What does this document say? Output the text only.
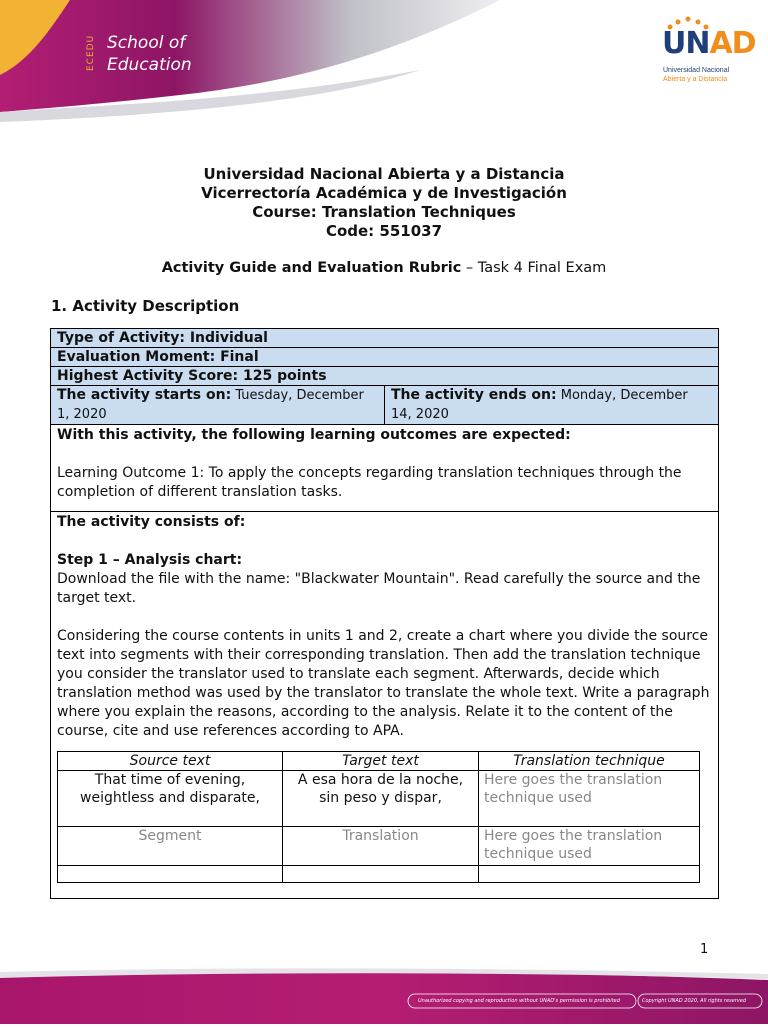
ECEDU School of
Education
UNAD
Universidad Nacional
Abierta y a Distancia
Universidad Nacional Abierta y a Distancia
Vicerrectoría Académica y de Investigación
Course: Translation Techniques
Code: 551037
Activity Guide and Evaluation Rubric – Task 4 Final Exam
1. Activity Description
Type of Activity: Individual
Evaluation Moment: Final
Highest Activity Score: 125 points
The activity starts on: Tuesday, December 1, 2020	The activity ends on: Monday, December 14, 2020

With this activity, the following learning outcomes are expected:

Learning Outcome 1: To apply the concepts regarding translation techniques through the completion of different translation tasks.

The activity consists of:

Step 1 – Analysis chart:

Download the file with the name: "Blackwater Mountain". Read carefully the source and the target text.

Considering the course contents in units 1 and 2, create a chart where you divide the source text into segments with their corresponding translation. Then add the translation technique you consider the translator used to translate each segment. Afterwards, decide which translation method was used by the translator to translate the whole text. Write a paragraph where you explain the reasons, according to the analysis. Relate it to the content of the course, cite and use references according to APA.

Source text	Target text	Translation technique
That time of evening, weightless and disparate,	A esa hora de la noche, sin peso y dispar,	Here goes the translation technique used
Segment	Translation	Here goes the translation technique used

1
Unauthorized copying and reproduction without UNAD's permission is prohibited	Copyright UNAD 2020, All rights reserved
